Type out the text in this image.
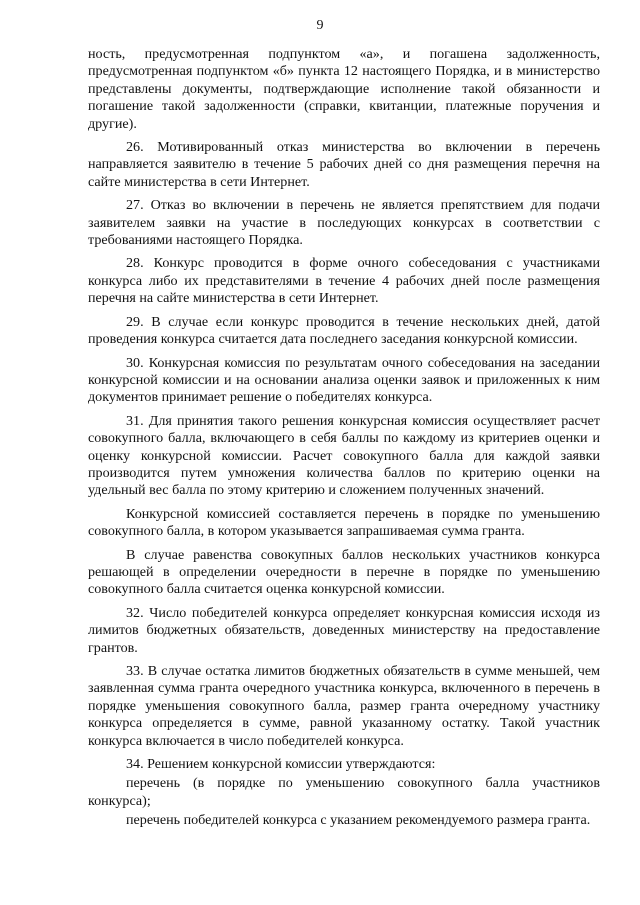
9

ность, предусмотренная подпунктом «а», и погашена задолженность, предусмотренная подпунктом «б» пункта 12 настоящего Порядка, и в министерство представлены документы, подтверждающие исполнение такой обязанности и погашение такой задолженности (справки, квитанции, платежные поручения и другие).

26. Мотивированный отказ министерства во включении в перечень направляется заявителю в течение 5 рабочих дней со дня размещения перечня на сайте министерства в сети Интернет.

27. Отказ во включении в перечень не является препятствием для подачи заявителем заявки на участие в последующих конкурсах в соответствии с требованиями настоящего Порядка.

28. Конкурс проводится в форме очного собеседования с участниками конкурса либо их представителями в течение 4 рабочих дней после размещения перечня на сайте министерства в сети Интернет.

29. В случае если конкурс проводится в течение нескольких дней, датой проведения конкурса считается дата последнего заседания конкурсной комиссии.

30. Конкурсная комиссия по результатам очного собеседования на заседании конкурсной комиссии и на основании анализа оценки заявок и приложенных к ним документов принимает решение о победителях конкурса.

31. Для принятия такого решения конкурсная комиссия осуществляет расчет совокупного балла, включающего в себя баллы по каждому из критериев оценки и оценку конкурсной комиссии. Расчет совокупного балла для каждой заявки производится путем умножения количества баллов по критерию оценки на удельный вес балла по этому критерию и сложением полученных значений.

Конкурсной комиссией составляется перечень в порядке по уменьшению совокупного балла, в котором указывается запрашиваемая сумма гранта.

В случае равенства совокупных баллов нескольких участников конкурса решающей в определении очередности в перечне в порядке по уменьшению совокупного балла считается оценка конкурсной комиссии.

32. Число победителей конкурса определяет конкурсная комиссия исходя из лимитов бюджетных обязательств, доведенных министерству на предоставление грантов.

33. В случае остатка лимитов бюджетных обязательств в сумме меньшей, чем заявленная сумма гранта очередного участника конкурса, включенного в перечень в порядке уменьшения совокупного балла, размер гранта очередному участнику конкурса определяется в сумме, равной указанному остатку. Такой участник конкурса включается в число победителей конкурса.

34. Решением конкурсной комиссии утверждаются:

перечень (в порядке по уменьшению совокупного балла участников конкурса);

перечень победителей конкурса с указанием рекомендуемого размера гранта.
